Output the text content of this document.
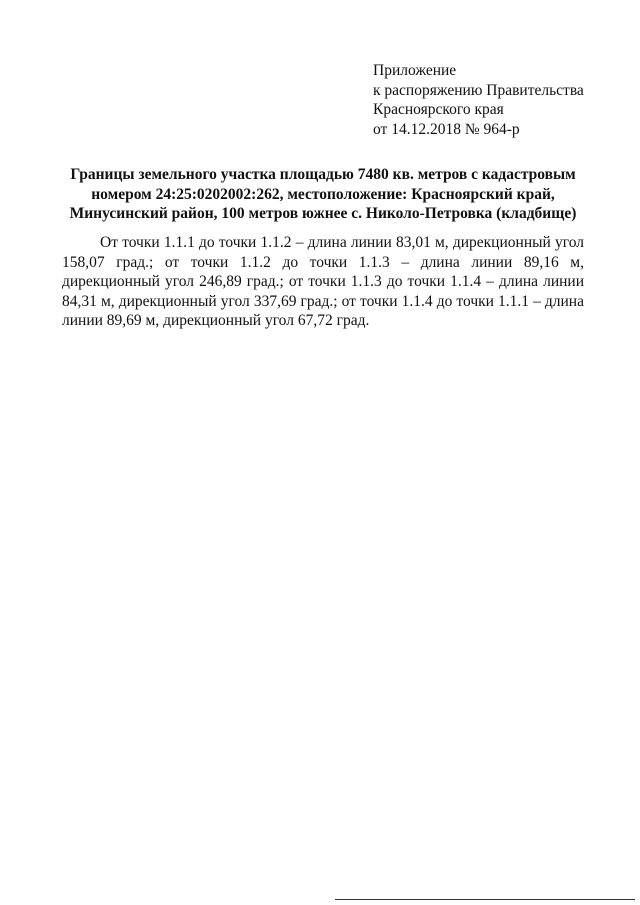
Приложение
к распоряжению Правительства
Красноярского края
от 14.12.2018 № 964-р
Границы земельного участка площадью 7480 кв. метров с кадастровым номером 24:25:0202002:262, местоположение: Красноярский край, Минусинский район, 100 метров южнее с. Николо-Петровка (кладбище)
От точки 1.1.1 до точки 1.1.2 – длина линии 83,01 м, дирекционный угол 158,07 град.; от точки 1.1.2 до точки 1.1.3 – длина линии 89,16 м, дирекционный угол 246,89 град.; от точки 1.1.3 до точки 1.1.4 – длина линии 84,31 м, дирекционный угол 337,69 град.; от точки 1.1.4 до точки 1.1.1 – длина линии 89,69 м, дирекционный угол 67,72 град.
